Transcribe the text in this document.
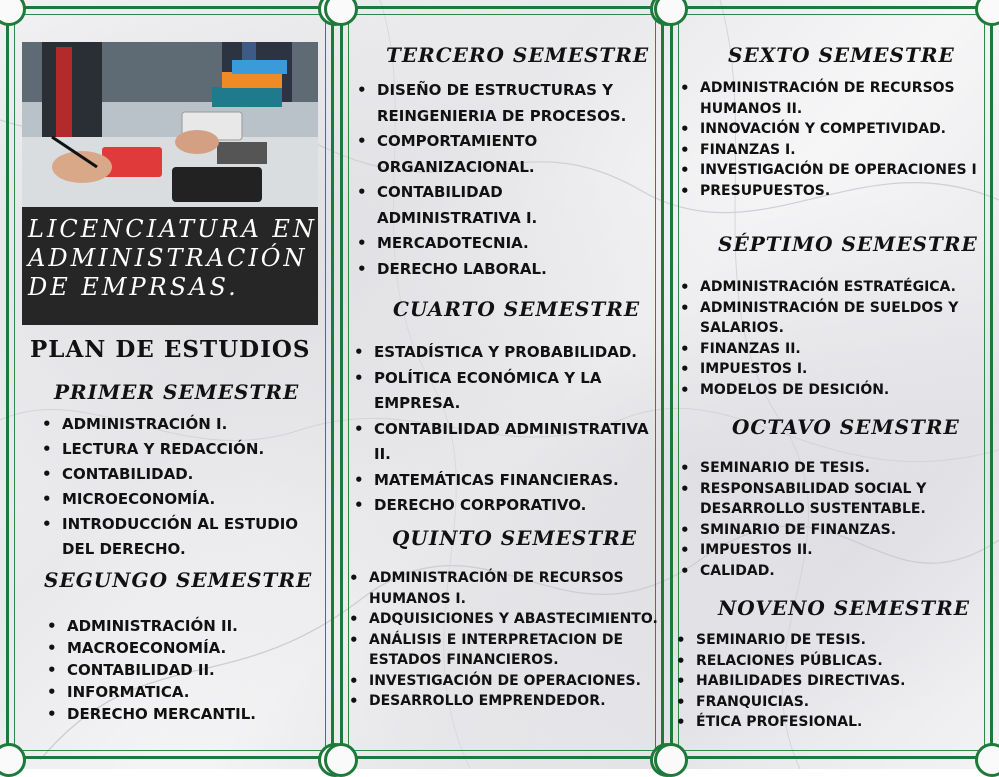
LICENCIATURA EN
ADMINISTRACIÓN
DE EMPRSAS.
PLAN DE ESTUDIOS
PRIMER SEMESTRE
• ADMINISTRACIÓN I.
• LECTURA Y REDACCIÓN.
• CONTABILIDAD.
• MICROECONOMÍA.
• INTRODUCCIÓN AL ESTUDIO DEL DERECHO.
SEGUNGO SEMESTRE
• ADMINISTRACIÓN II.
• MACROECONOMÍA.
• CONTABILIDAD II.
• INFORMATICA.
• DERECHO MERCANTIL.
TERCERO SEMESTRE
• DISEÑO DE ESTRUCTURAS Y REINGENIERIA DE PROCESOS.
• COMPORTAMIENTO ORGANIZACIONAL.
• CONTABILIDAD ADMINISTRATIVA I.
• MERCADOTECNIA.
• DERECHO LABORAL.
CUARTO SEMESTRE
• ESTADÍSTICA Y PROBABILIDAD.
• POLÍTICA ECONÓMICA Y LA EMPRESA.
• CONTABILIDAD ADMINISTRATIVA II.
• MATEMÁTICAS FINANCIERAS.
• DERECHO CORPORATIVO.
QUINTO SEMESTRE
• ADMINISTRACIÓN DE RECURSOS HUMANOS I.
• ADQUISICIONES Y ABASTECIMIENTO.
• ANÁLISIS E INTERPRETACION DE ESTADOS FINANCIEROS.
• INVESTIGACIÓN DE OPERACIONES.
• DESARROLLO EMPRENDEDOR.
SEXTO SEMESTRE
• ADMINISTRACIÓN DE RECURSOS HUMANOS II.
• INNOVACIÓN Y COMPETIVIDAD.
• FINANZAS I.
• INVESTIGACIÓN DE OPERACIONES I
• PRESUPUESTOS.
SÉPTIMO SEMESTRE
• ADMINISTRACIÓN ESTRATÉGICA.
• ADMINISTRACIÓN DE SUELDOS Y SALARIOS.
• FINANZAS II.
• IMPUESTOS I.
• MODELOS DE DESICIÓN.
OCTAVO SEMSTRE
• SEMINARIO DE TESIS.
• RESPONSABILIDAD SOCIAL Y DESARROLLO SUSTENTABLE.
• SMINARIO DE FINANZAS.
• IMPUESTOS II.
• CALIDAD.
NOVENO SEMESTRE
• SEMINARIO DE TESIS.
• RELACIONES PÚBLICAS.
• HABILIDADES DIRECTIVAS.
• FRANQUICIAS.
• ÉTICA PROFESIONAL.
